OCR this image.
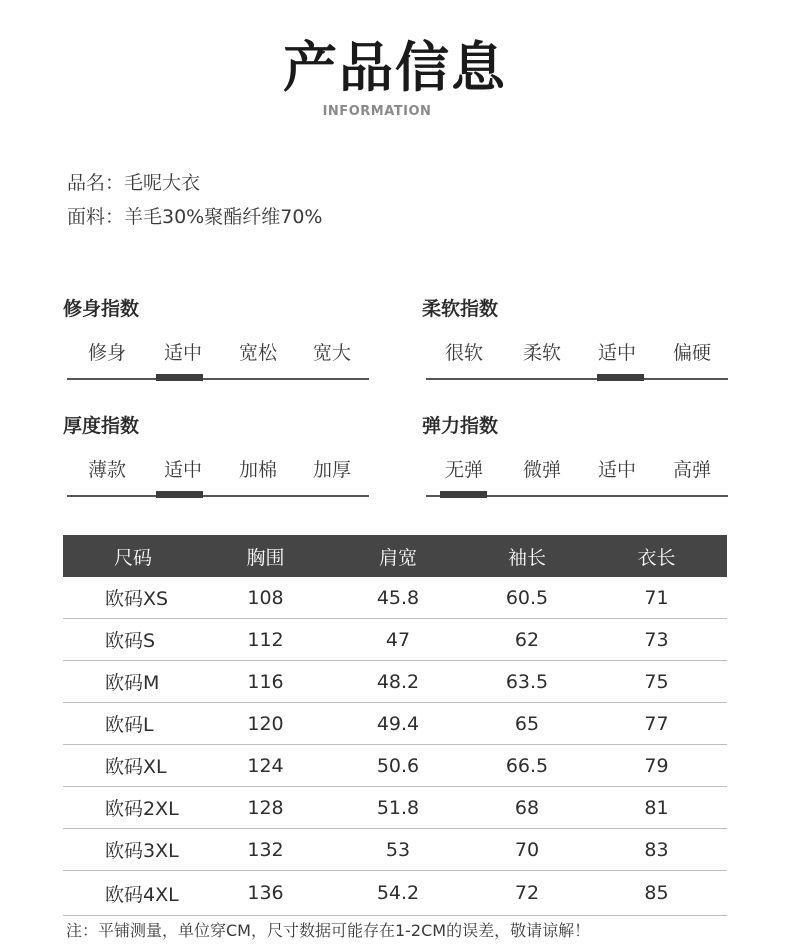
产品信息
INFORMATION
品名：毛呢大衣
面料：羊毛30%聚酯纤维70%
修身指数
修身	适中	宽松	宽大
柔软指数
很软	柔软	适中	偏硬
厚度指数
薄款	适中	加棉	加厚
弹力指数
无弹	微弹	适中	高弹
尺码	胸围	肩宽	袖长	衣长
欧码XS	108	45.8	60.5	71
欧码S	112	47	62	73
欧码M	116	48.2	63.5	75
欧码L	120	49.4	65	77
欧码XL	124	50.6	66.5	79
欧码2XL	128	51.8	68	81
欧码3XL	132	53	70	83
欧码4XL	136	54.2	72	85
注：平铺测量，单位穿CM，尺寸数据可能存在1-2CM的误差，敬请谅解！
